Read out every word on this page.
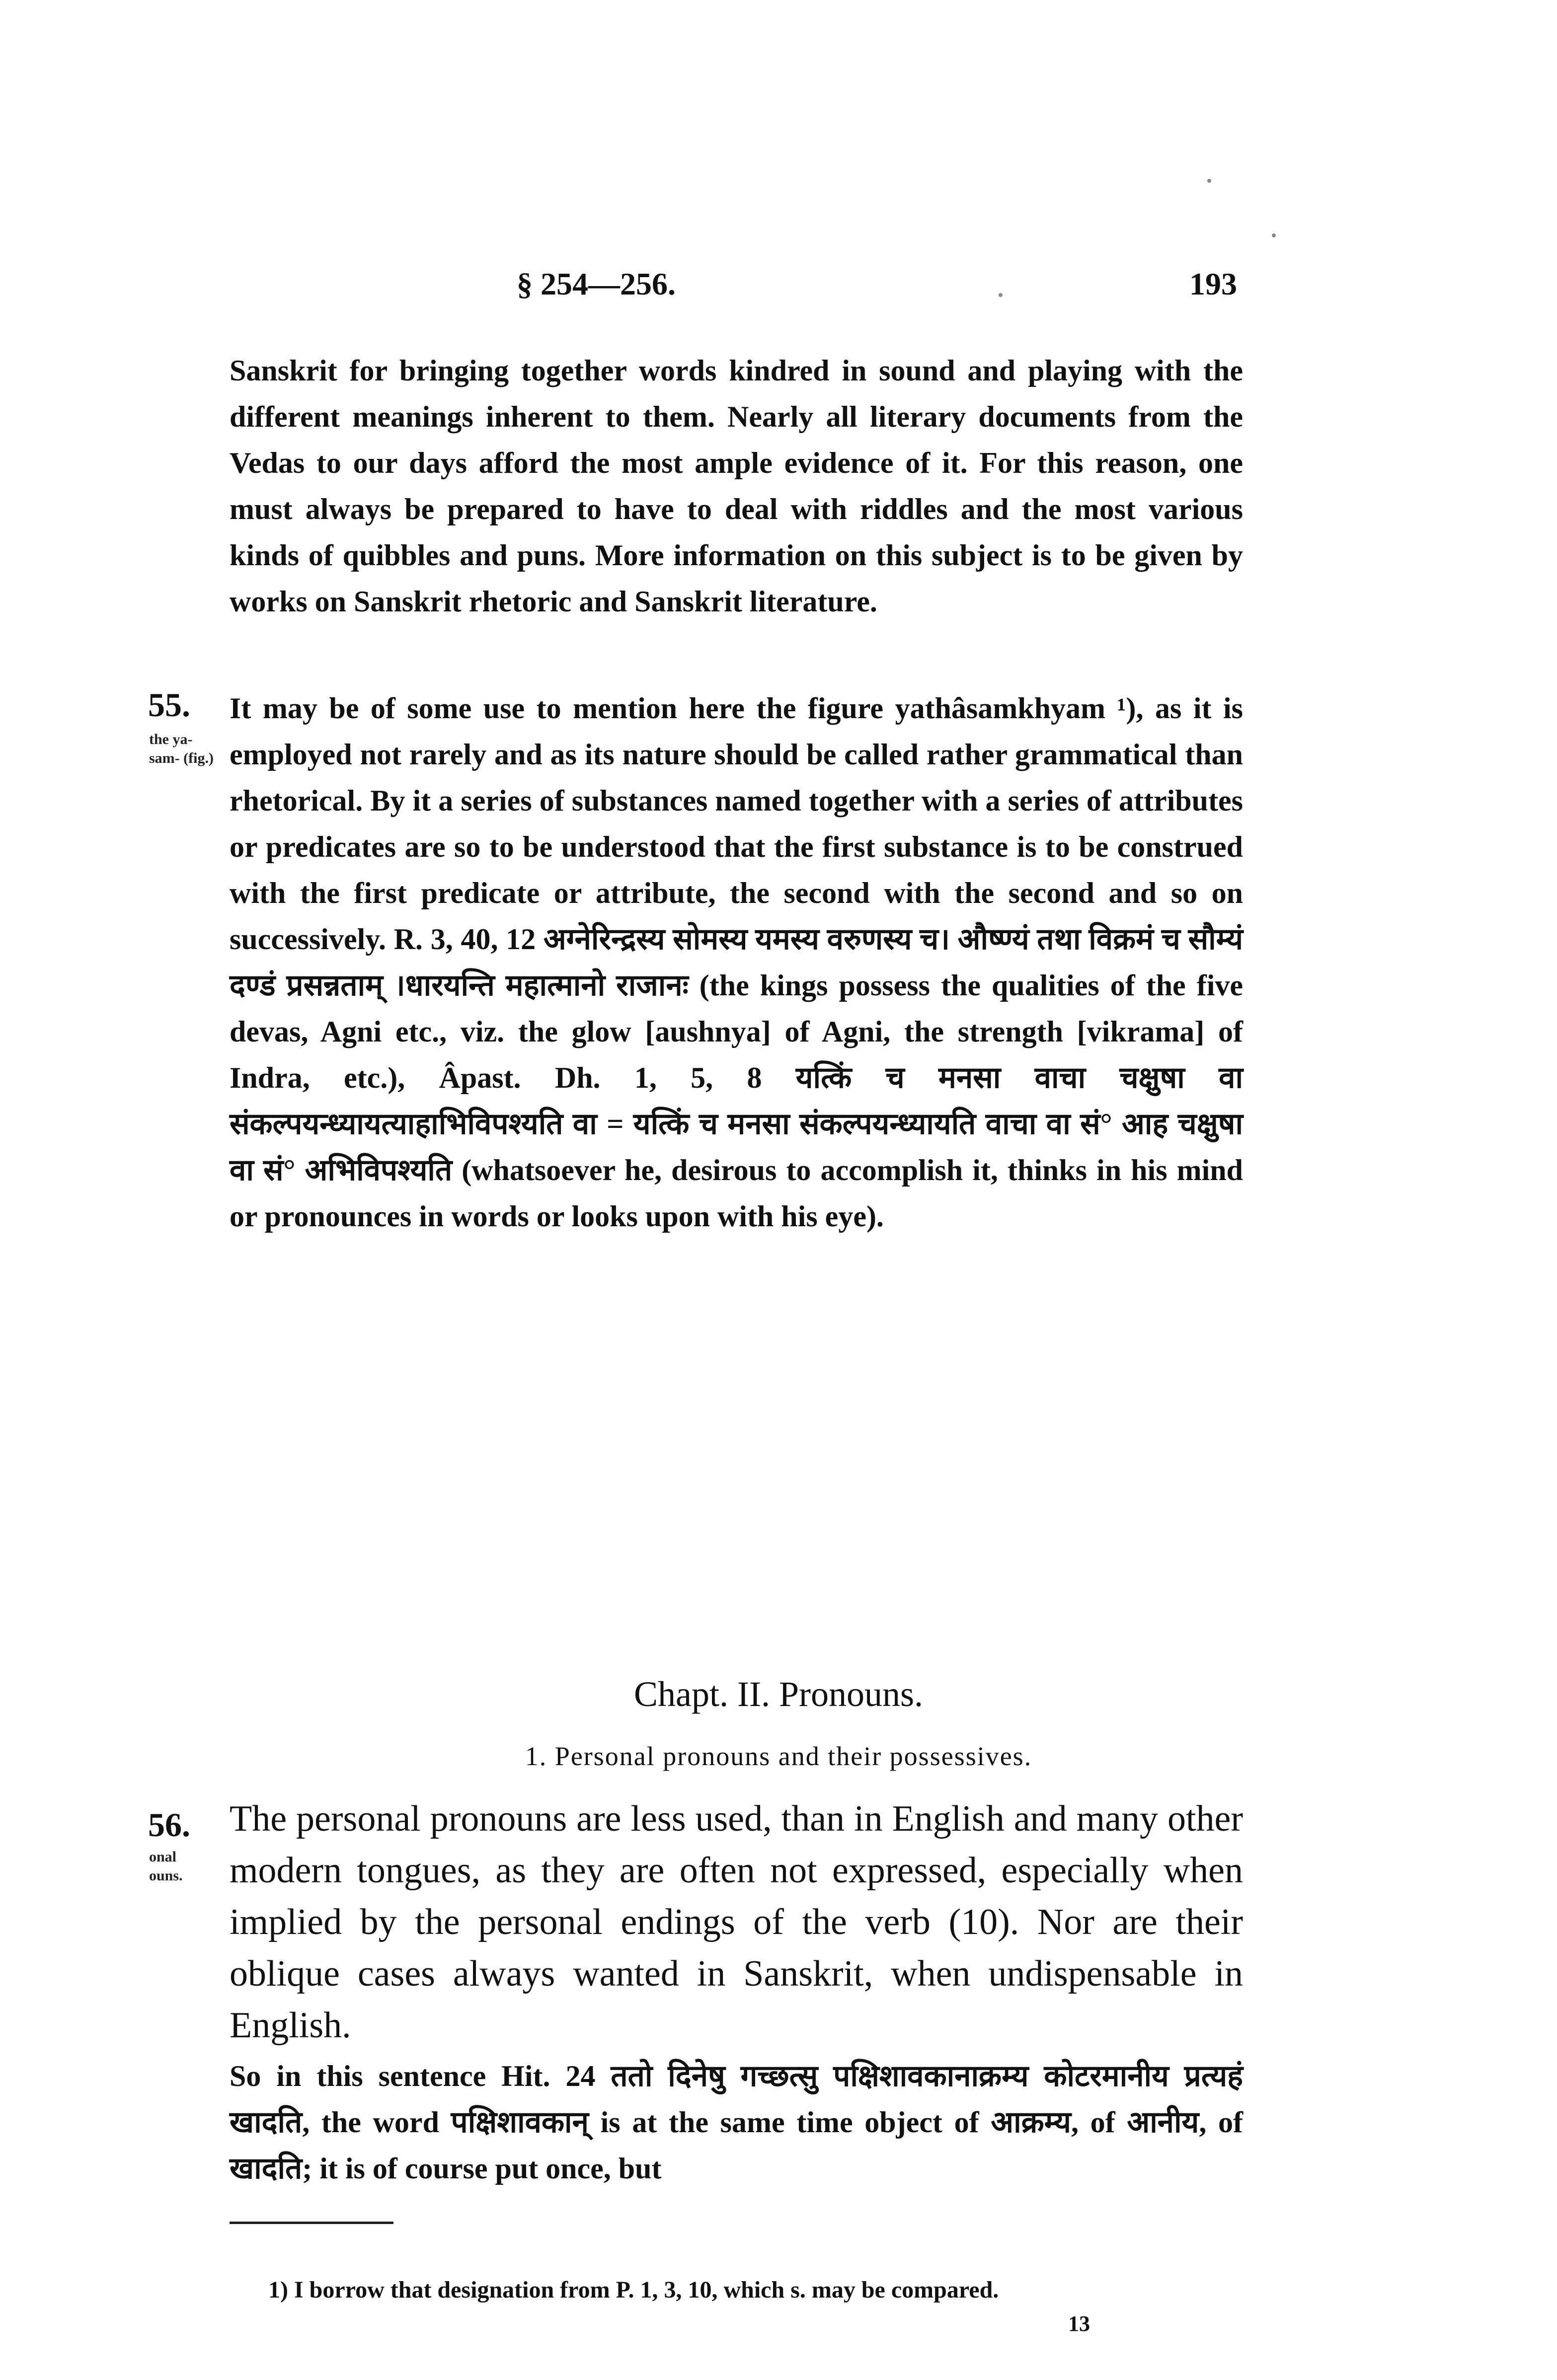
§ 254—256.	193

Sanskrit for bringing together words kindred in sound and playing with the different meanings inherent to them. Nearly all literary documents from the Vedas to our days afford the most ample evidence of it. For this reason, one must always be prepared to have to deal with riddles and the most various kinds of quibbles and puns. More information on this subject is to be given by works on Sanskrit rhetoric and Sanskrit literature.

55.
the ya- sam- (fig.)

It may be of some use to mention here the figure yathâsamkhyam ¹), as it is employed not rarely and as its nature should be called rather grammatical than rhetorical. By it a series of substances named together with a series of attributes or predicates are so to be understood that the first substance is to be construed with the first predicate or attribute, the second with the second and so on successively. R. 3, 40, 12 अग्नेरिन्द्रस्य सोमस्य यमस्य वरुणस्य च। औष्ण्यं तथा विक्रमं च सौम्यं दण्डं प्रसन्नताम् ।धारयन्ति महात्मानो राजानः (the kings possess the qualities of the five devas, Agni etc., viz. the glow [aushnya] of Agni, the strength [vikrama] of Indra, etc.), Âpast. Dh. 1, 5, 8 यत्किं च मनसा वाचा चक्षुषा वा संकल्पयन्ध्यायत्याहाभिविपश्यति वा = यत्किं च मनसा संकल्पयन्ध्यायति वाचा वा सं° आह चक्षुषा वा सं° अभिविपश्यति (whatsoever he, desirous to accomplish it, thinks in his mind or pronounces in words or looks upon with his eye).

Chapt. II. Pronouns.
1. Personal pronouns and their possessives.
56.
onal ouns.
The personal pronouns are less used, than in English and many other modern tongues, as they are often not expressed, especially when implied by the personal endings of the verb (10). Nor are their oblique cases always wanted in Sanskrit, when undispensable in English.
So in this sentence Hit. 24 ततो दिनेषु गच्छत्सु पक्षिशावकानाक्रम्य कोटरमानीय प्रत्यहं खादति, the word पक्षिशावकान् is at the same time object of आक्रम्य, of आनीय, of खादति; it is of course put once, but
1) I borrow that designation from P. 1, 3, 10, which s. may be compared.
13
